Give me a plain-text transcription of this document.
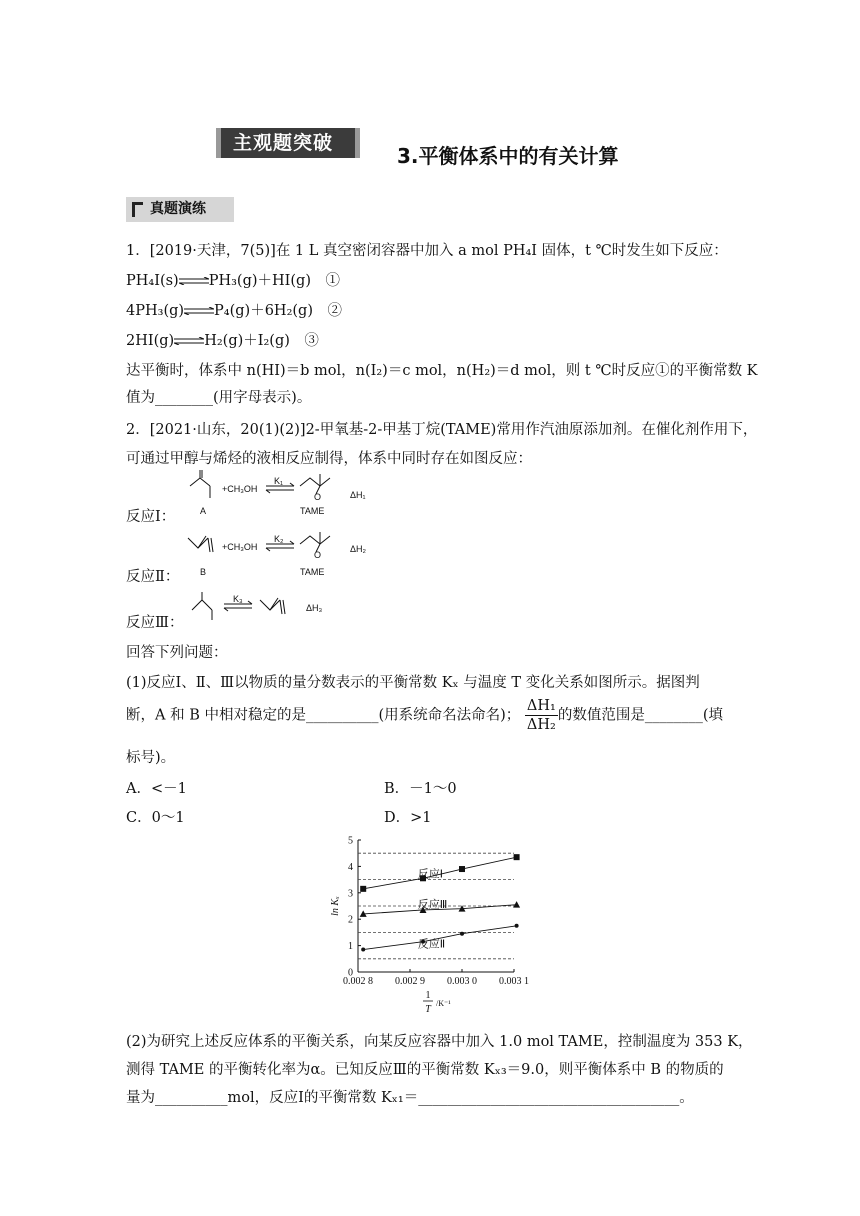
主观题突破
3.平衡体系中的有关计算
真题演练
1．[2019·天津，7(5)]在 1 L 真空密闭容器中加入 a mol PH₄I 固体，t ℃时发生如下反应：
PH₄I(s)⇌PH₃(g)＋HI(g)　①
4PH₃(g)⇌P₄(g)＋6H₂(g)　②
2HI(g)⇌H₂(g)＋I₂(g)　③
达平衡时，体系中 n(HI)＝b mol，n(I₂)＝c mol，n(H₂)＝d mol，则 t ℃时反应①的平衡常数 K
值为________(用字母表示)。
2．[2021·山东，20(1)(2)]2-甲氧基-2-甲基丁烷(TAME)常用作汽油原添加剂。在催化剂作用下，
可通过甲醇与烯烃的液相反应制得，体系中同时存在如图反应：
反应Ⅰ：	A
+CH₃OH
K₁
O
TAME
ΔH₁
反应Ⅱ： B
+CH₃OH
K₂
O
TAME
ΔH₂
反应Ⅲ：
K₃
ΔH₃
回答下列问题：
(1)反应Ⅰ、Ⅱ、Ⅲ以物质的量分数表示的平衡常数 Kₓ 与温度 T 变化关系如图所示。据图判
断，A 和 B 中相对稳定的是__________(用系统命名法命名)； $\frac{\text{ΔH₁}}{\text{ΔH₂}}$ 的数值范围是________(填
标号)。
A．<－1	B．－1～0
C．0～1	D．>1
0
1
2
3
4
5
0.002 8 0.002 9 0.003 0 0.003 1
ln Kₓ
1
T
/K⁻¹
反应Ⅰ
反应Ⅲ
反应Ⅱ
(2)为研究上述反应体系的平衡关系，向某反应容器中加入 1.0 mol TAME，控制温度为 353 K，
测得 TAME 的平衡转化率为α。已知反应Ⅲ的平衡常数 Kₓ₃＝9.0，则平衡体系中 B 的物质的
量为__________mol，反应Ⅰ的平衡常数 Kₓ₁＝____________________________________。
